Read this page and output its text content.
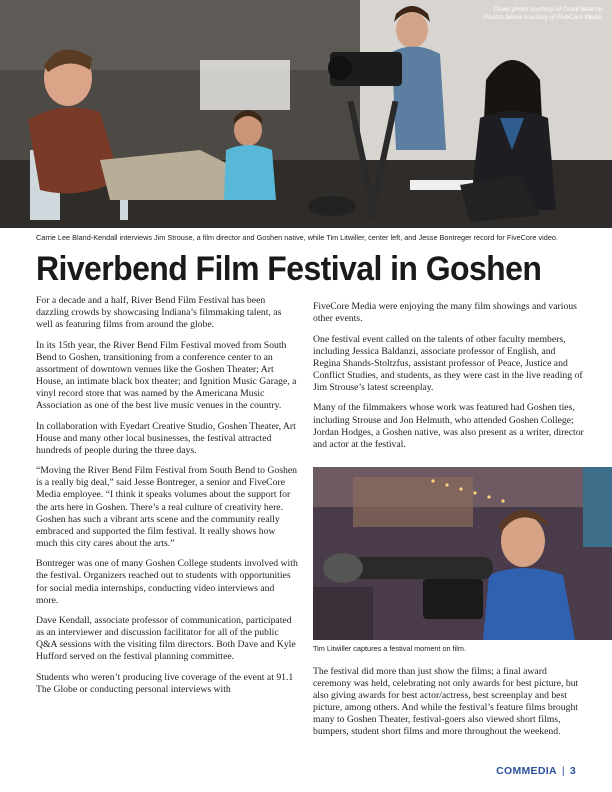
Cover photo courtesy of Grant Beachy
Photos below courtesy of FiveCore Media
Carrie Lee Bland-Kendall interviews Jim Strouse, a film director and Goshen native, while Tim Litwiller, center left, and Jesse Bontreger record for FiveCore video.
Riverbend Film Festival in Goshen

For a decade and a half, River Bend Film Festival has been dazzling crowds by showcasing Indiana’s filmmaking talent, as well as featuring films from around the globe.

In its 15th year, the River Bend Film Festival moved from South Bend to Goshen, transitioning from a conference center to an assortment of downtown venues like the Goshen Theater; Art House, an intimate black box theater; and Ignition Music Garage, a vinyl record store that was named by the Americana Music Association as one of the best live music venues in the country.

In collaboration with Eyedart Creative Studio, Goshen Theater, Art House and many other local businesses, the festival attracted hundreds of people during the three days.

“Moving the River Bend Film Festival from South Bend to Goshen is a really big deal,” said Jesse Bontreger, a senior and FiveCore Media employee. “I think it speaks volumes about the support for the arts here in Goshen. There’s a real culture of creativity here. Goshen has such a vibrant arts scene and the community really embraced and supported the film festival. It really shows how much this city cares about the arts.”

Bontreger was one of many Goshen College students involved with the festival. Organizers reached out to students with opportunities for social media internships, conducting video interviews and more.

Dave Kendall, associate professor of communication, participated as an interviewer and discussion facilitator for all of the public Q&A sessions with the visiting film directors. Both Dave and Kyle Hufford served on the festival planning committee.

Students who weren’t producing live coverage of the event at 91.1 The Globe or conducting personal interviews with

FiveCore Media were enjoying the many film showings and various other events.

One festival event called on the talents of other faculty members, including Jessica Baldanzi, associate professor of English, and Regina Shands-Stoltzfus, assistant professor of Peace, Justice and Conflict Studies, and students, as they were cast in the live reading of Jim Strouse’s latest screenplay.

Many of the filmmakers whose work was featured had Goshen ties, including Strouse and Jon Helmuth, who attended Goshen College; Jordan Hodges, a Goshen native, was also present as a writer, director and actor at the festival.

Tim Litwiller captures a festival moment on film.

The festival did more than just show the films; a final award ceremony was held, celebrating not only awards for best picture, but also giving awards for best actor/actress, best screenplay and best picture, among others. And while the festival’s feature films brought many to Goshen Theater, festival-goers also viewed short films, bumpers, student short films and more throughout the weekend.

COMMEDIA | 3
